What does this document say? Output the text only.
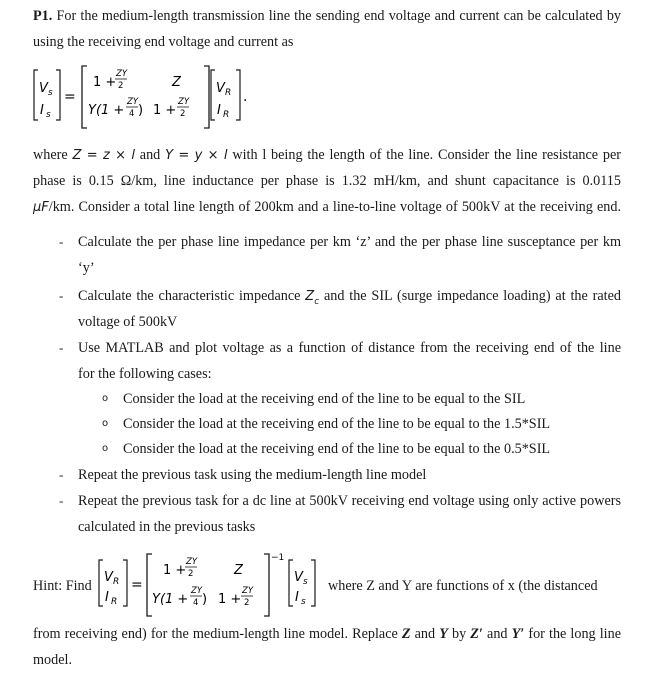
P1. For the medium-length transmission line the sending end voltage and current can be calculated by
using the receiving end voltage and current as
V s
I s
=
1 +
ZY
2	Z
Y(1 +
ZY
4 ) 1 +
ZY
2
V R
I R
.
where Z = z × l and Y = y × l with l being the length of the line. Consider the line resistance per
phase is 0.15 Ω/km, line inductance per phase is 1.32 mH/km, and shunt capacitance is 0.0115
μF/km. Consider a total line length of 200km and a line-to-line voltage of 500kV at the receiving end.
- Calculate the per phase line impedance per km ‘z’ and the per phase line susceptance per km
‘y’
- Calculate the characteristic impedance $Z_c$ and the SIL (surge impedance loading) at the rated
voltage of 500kV
- Use MATLAB and plot voltage as a function of distance from the receiving end of the line
for the following cases:
o Consider the load at the receiving end of the line to be equal to the SIL
o Consider the load at the receiving end of the line to be equal to the 1.5*SIL
o Consider the load at the receiving end of the line to be equal to the 0.5*SIL
- Repeat the previous task using the medium-length line model
- Repeat the previous task for a dc line at 500kV receiving end voltage using only active powers
calculated in the previous tasks
Hint: Find
V R
I R
=
1 +
ZY
2	Z
Y(1 +
ZY
4 ) 1 +
ZY
2
−1
V s
I s
where Z and Y are functions of x (the distanced
from receiving end) for the medium-length line model. Replace Z and Y by Z′ and Y′ for the long line
model.
